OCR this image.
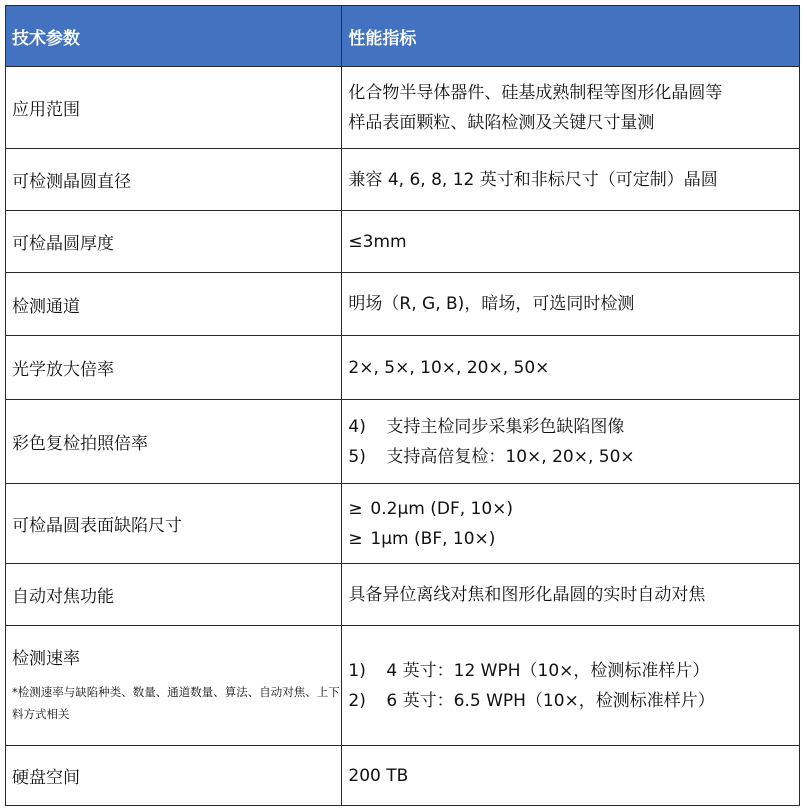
技术参数	性能指标
应用范围	化合物半导体器件、硅基成熟制程等图形化晶圆等
样品表面颗粒、缺陷检测及关键尺寸量测

可检测晶圆直径	兼容 4, 6, 8, 12 英寸和非标尺寸（可定制）晶圆
可检晶圆厚度	≤3mm
检测通道	明场（R, G, B)，暗场，可选同时检测
光学放大倍率	2×, 5×, 10×, 20×, 50×
彩色复检拍照倍率	4) 支持主检同步采集彩色缺陷图像
5) 支持高倍复检：10×, 20×, 50×

可检晶圆表面缺陷尺寸	≥ 0.2μm (DF, 10×)
≥ 1μm (BF, 10×)

自动对焦功能	具备异位离线对焦和图形化晶圆的实时自动对焦

检测速率
*检测速率与缺陷种类、数量、通道数量、算法、自动对焦、上下料方式相关	1) 4 英寸：12 WPH（10×，检测标准样片）
2) 6 英寸：6.5 WPH（10×，检测标准样片）

硬盘空间	200 TB
